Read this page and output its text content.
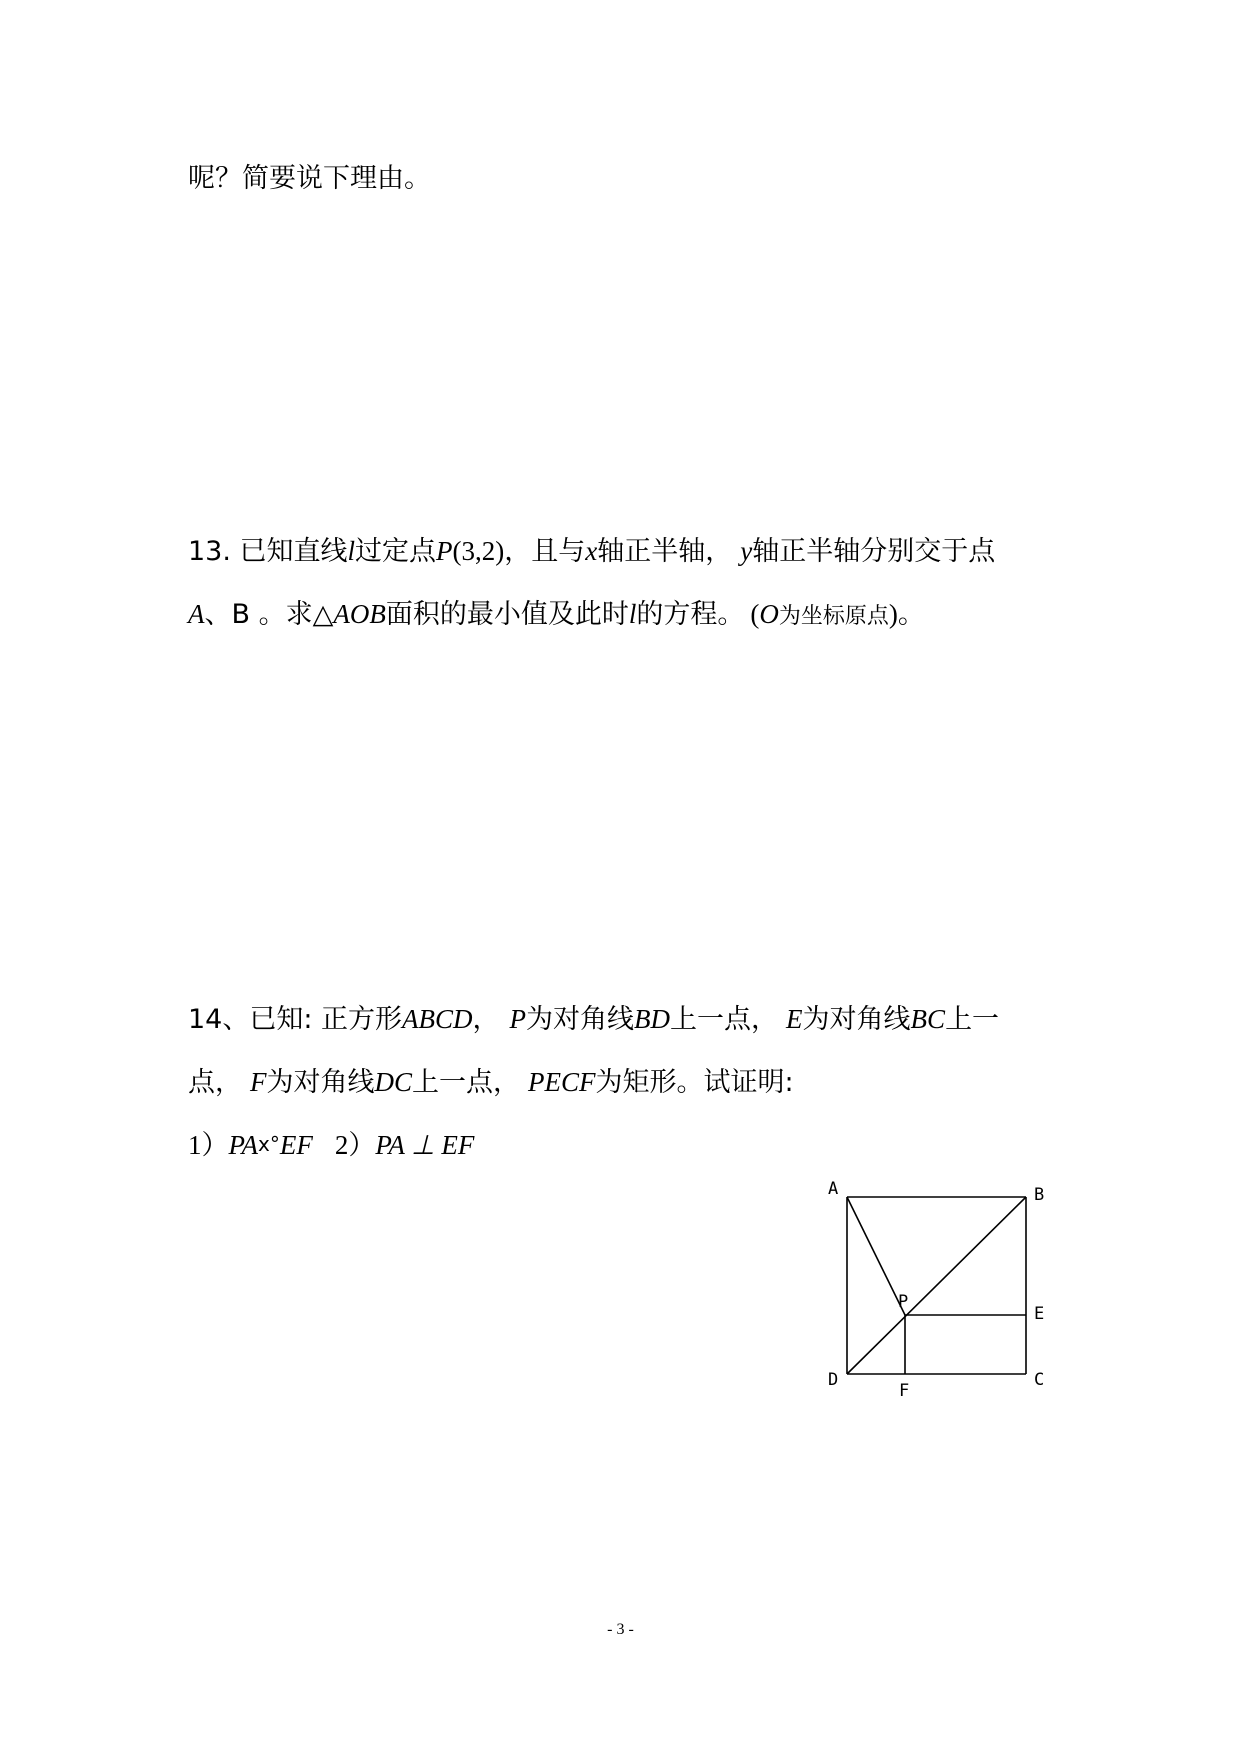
呢？简要说下理由。
13. 已知直线l过定点P(3,2)，且与x轴正半轴， y轴正半轴分别交于点
A、B 。求△AOB面积的最小值及此时l的方程。 (O为坐标原点)。
14、已知: 正方形ABCD， P为对角线BD上一点， E为对角线BC上一
点， F为对角线DC上一点， PECF为矩形。试证明:
1）PAⅹ°EF 2）PA ⊥ EF
A	B
P
E
D
F
C
- 3 -
